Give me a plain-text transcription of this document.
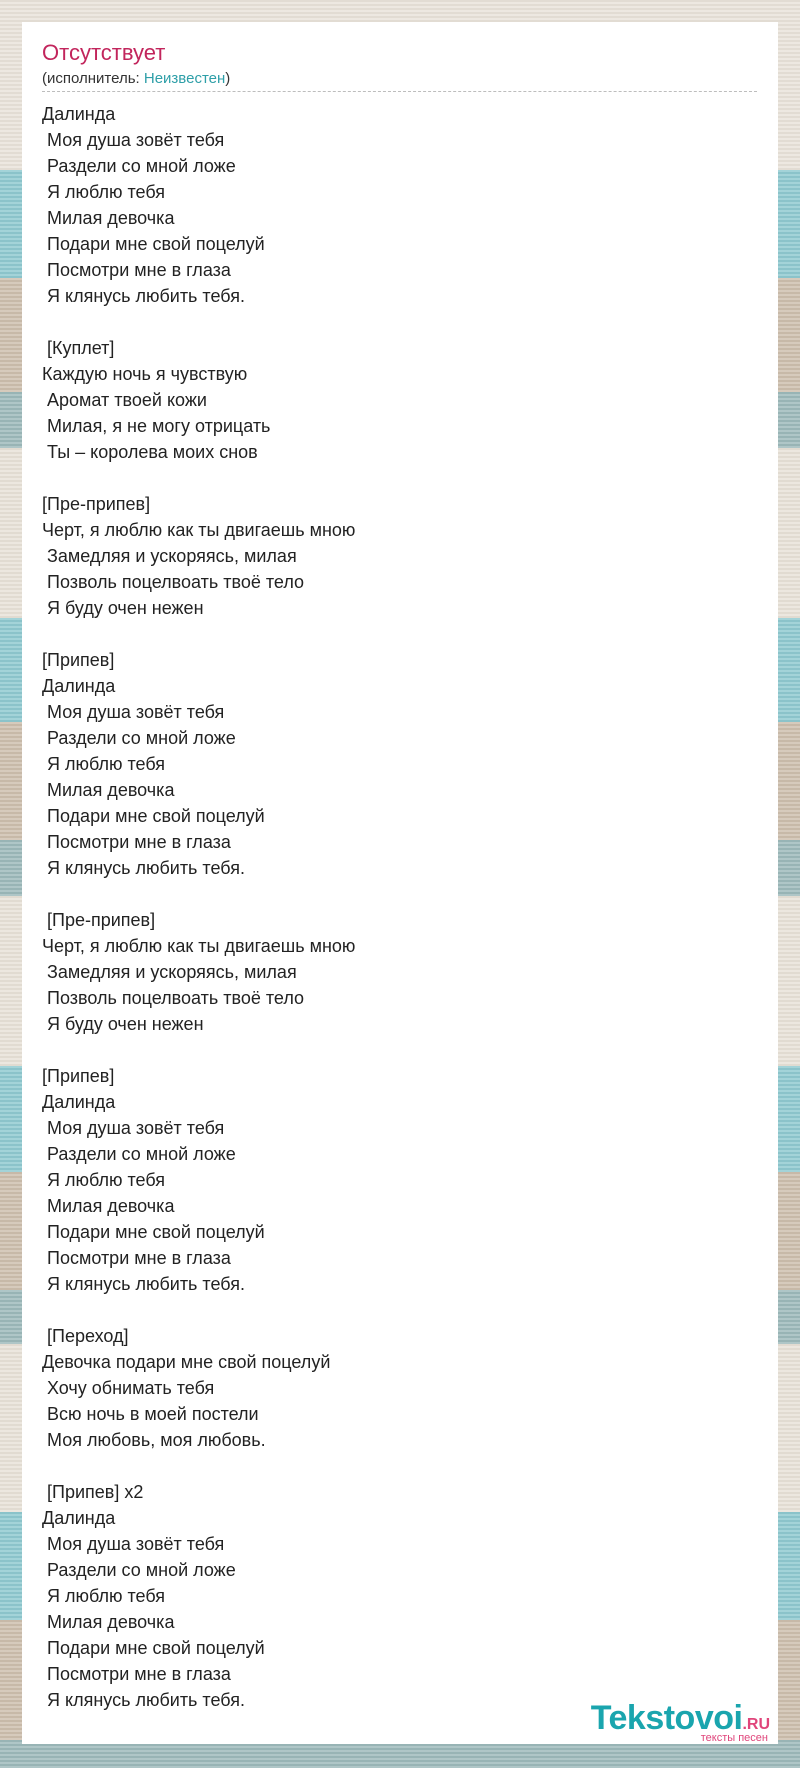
Отсутствует
(исполнитель: Неизвестен)
Далинда
Моя душа зовёт тебя
Раздели со мной ложе
Я люблю тебя
Милая девочка
Подари мне свой поцелуй
Посмотри мне в глаза
Я клянусь любить тебя.
[Куплет]
Каждую ночь я чувствую
Аромат твоей кожи
Милая, я не могу отрицать
Ты – королева моих снов
[Пре-припев]
Черт, я люблю как ты двигаешь мною
Замедляя и ускоряясь, милая
Позволь поцелвоать твоё тело
Я буду очен нежен
[Припев]
Далинда
Моя душа зовёт тебя
Раздели со мной ложе
Я люблю тебя
Милая девочка
Подари мне свой поцелуй
Посмотри мне в глаза
Я клянусь любить тебя.
[Пре-припев]
Черт, я люблю как ты двигаешь мною
Замедляя и ускоряясь, милая
Позволь поцелвоать твоё тело
Я буду очен нежен
[Припев]
Далинда
Моя душа зовёт тебя
Раздели со мной ложе
Я люблю тебя
Милая девочка
Подари мне свой поцелуй
Посмотри мне в глаза
Я клянусь любить тебя.
[Переход]
Девочка подари мне свой поцелуй
Хочу обнимать тебя
Всю ночь в моей постели
Моя любовь, моя любовь.
[Припев] x2
Далинда
Моя душа зовёт тебя
Раздели со мной ложе
Я люблю тебя
Милая девочка
Подари мне свой поцелуй
Посмотри мне в глаза
Я клянусь любить тебя.	Tekstovoi.RU
тексты песен
